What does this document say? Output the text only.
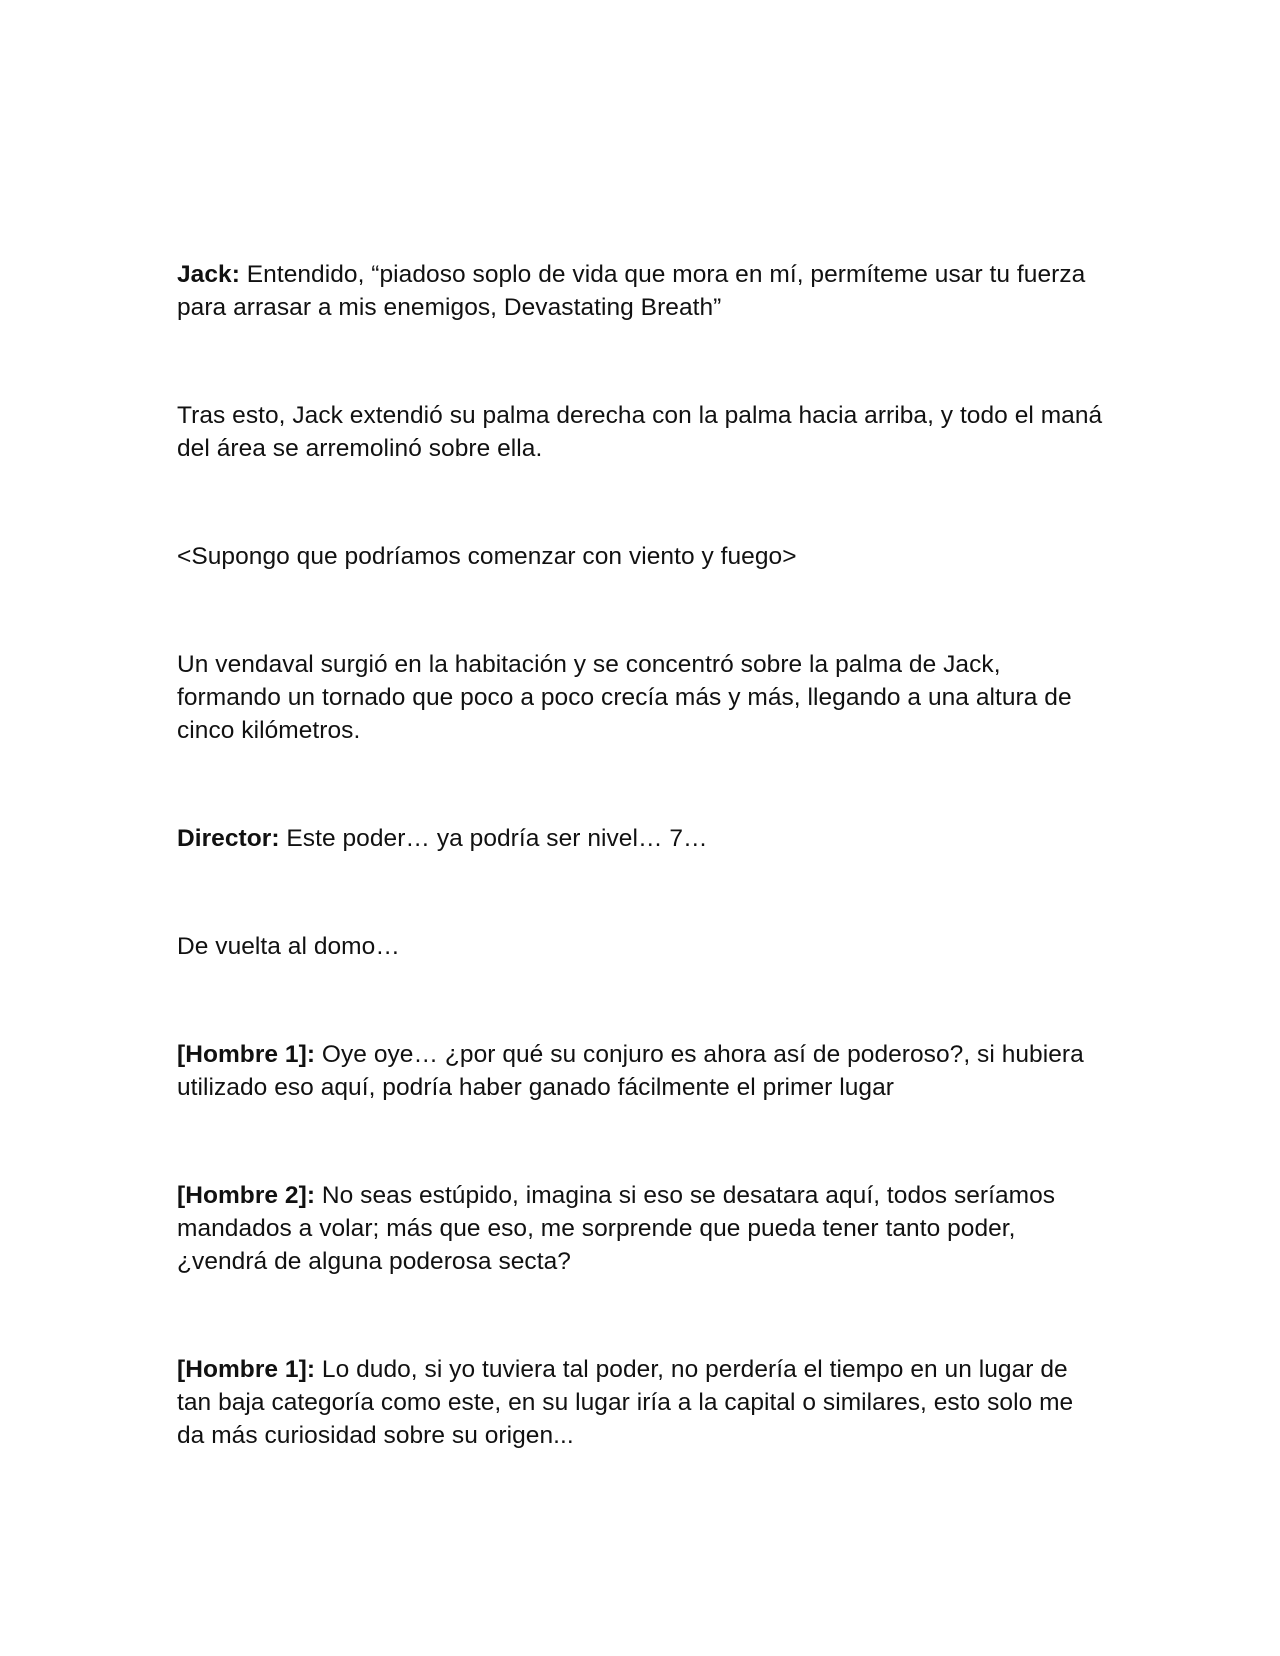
Jack: Entendido, “piadoso soplo de vida que mora en mí, permíteme usar tu fuerza para arrasar a mis enemigos, Devastating Breath”

Tras esto, Jack extendió su palma derecha con la palma hacia arriba, y todo el maná del área se arremolinó sobre ella.

<Supongo que podríamos comenzar con viento y fuego>

Un vendaval surgió en la habitación y se concentró sobre la palma de Jack, formando un tornado que poco a poco crecía más y más, llegando a una altura de cinco kilómetros.

Director: Este poder… ya podría ser nivel… 7…

De vuelta al domo…

[Hombre 1]: Oye oye… ¿por qué su conjuro es ahora así de poderoso?, si hubiera utilizado eso aquí, podría haber ganado fácilmente el primer lugar

[Hombre 2]: No seas estúpido, imagina si eso se desatara aquí, todos seríamos mandados a volar; más que eso, me sorprende que pueda tener tanto poder, ¿vendrá de alguna poderosa secta?

[Hombre 1]: Lo dudo, si yo tuviera tal poder, no perdería el tiempo en un lugar de tan baja categoría como este, en su lugar iría a la capital o similares, esto solo me da más curiosidad sobre su origen...
